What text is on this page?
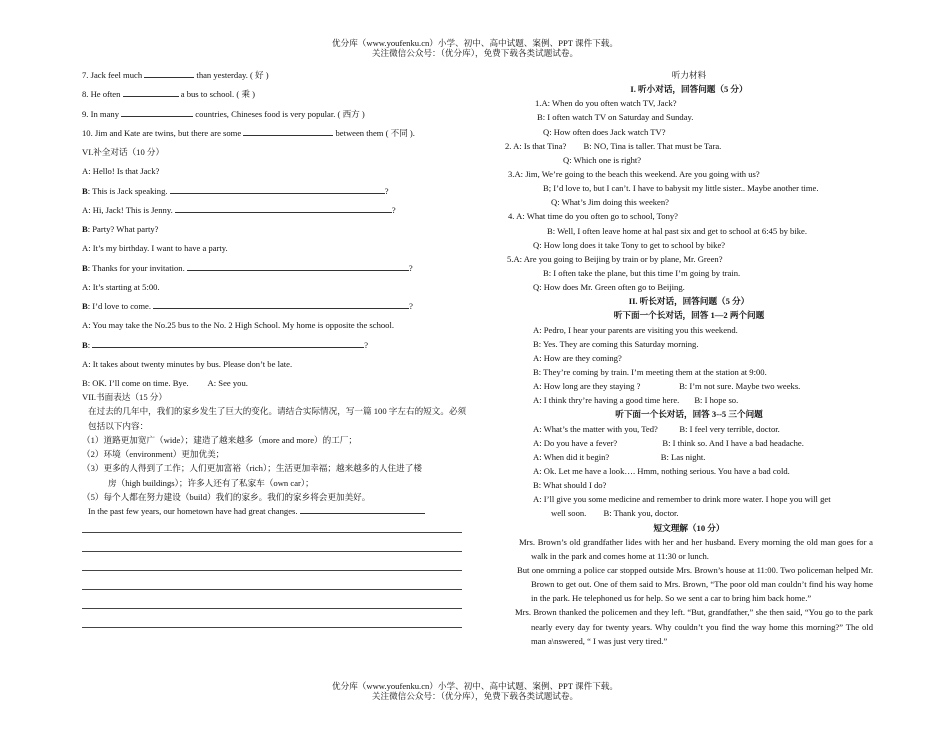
优分库（www.youfenku.cn）小学、初中、高中试题、案例、PPT 课件下载。
关注微信公众号：（优分库），免费下载各类试题试卷。
7. Jack feel much	than yesterday. ( 好 )
8. He often	a bus to school. ( 乘 )
9. In many	countries, Chineses food is very popular. ( 西方 )
10. Jim and Kate are twins, but there are some	between them ( 不同 ).
VI.补全对话（10 分）
A: Hello! Is that Jack?
B: This is Jack speaking.	?
A: Hi, Jack! This is Jenny.	?
B: Party? What party?
A: It’s my birthday. I want to have a party.
B: Thanks for your invitation.	?
A: It’s starting at 5:00.
B: I’d love to come.	?
A: You may take the No.25 bus to the No. 2 High School. My home is opposite the school.
B:	?
A: It takes about twenty minutes by bus. Please don’t be late.
B: OK. I’ll come on time. Bye.         A: See you.
VII.书面表达（15 分）
在过去的几年中，我们的家乡发生了巨大的变化。请结合实际情况，写一篇 100 字左右的短文。必须包括以下内容：
（1）道路更加宽广（wide）；建造了越来越多（more and more）的工厂；
（2）环境（environment）更加优美；
（3）更多的人得到了工作；人们更加富裕（rich）；生活更加幸福；越来越多的人住进了楼
房（high buildings）；许多人还有了私家车（own car）；
（5）每个人都在努力建设（build）我们的家乡。我们的家乡将会更加美好。
In the past few years, our hometown have had great changes.
听力材料
I. 听小对话，回答问题（5 分）
1.A: When do you often watch TV, Jack?
B: I often watch TV on Saturday and Sunday.
Q: How often does Jack watch TV?
2. A: Is that Tina?        B: NO, Tina is taller. That must be Tara.
Q: Which one is right?
3.A: Jim, We’re going to the beach this weekend. Are you going with us?
B; I’d love to, but I can’t. I have to babysit my little sister.. Maybe another time.
Q: What’s Jim doing this weeken?
4. A: What time do you often go to school, Tony?
B: Well, I often leave home at hal past six and get to school at 6:45 by bike.
Q: How long does it take Tony to get to school by bike?
5.A: Are you going to Beijing by train or by plane, Mr. Green?
B: I often take the plane, but this time I’m going by train.
Q: How does Mr. Green often go to Beijing.
II. 听长对话，回答问题（5 分）
听下面一个长对话，回答 1—2 两个问题
A: Pedro, I hear your parents are visiting you this weekend.
B: Yes. They are coming this Saturday morning.
A: How are they coming?
B: They’re coming by train. I’m meeting them at the station at 9:00.
A: How long are they staying ?                  B: I’m not sure. Maybe two weeks.
A: I think thry’re having a good time here.       B: I hope so.
听下面一个长对话，回答 3--5 三个问题
A: What’s the matter with you, Ted?          B: I feel very terrible, doctor.
A: Do you have a fever?                     B: I think so. And I have a bad headache.
A: When did it begin?                        B: Las night.
A: Ok. Let me have a look…. Hmm, nothing serious. You have a bad cold.
B: What should I do?
A: I’ll give you some medicine and remember to drink more water. I hope you will get
well soon.        B: Thank you, doctor.
短文理解（10 分）
Mrs. Brown’s old grandfather lides with her and her husband. Every morning the old man goes for a walk in the park and comes home at 11:30 or lunch.
But one omrning a police car stopped outside Mrs. Brown’s house at 11:00. Two policeman helped Mr. Brown to get out. One of them said to Mrs. Brown, “The poor old man couldn’t find his way home in the park. He telephoned us for help. So we sent a car to bring him back home.”
Mrs. Brown thanked the policemen and they left. “But, grandfather,” she then said, “You go to the park nearly every day for twenty years. Why couldn’t you find the way home this morning?” The old man a\nswered, “ I was just very tired.”
优分库（www.youfenku.cn）小学、初中、高中试题、案例、PPT 课件下载。
关注微信公众号：（优分库），免费下载各类试题试卷。
